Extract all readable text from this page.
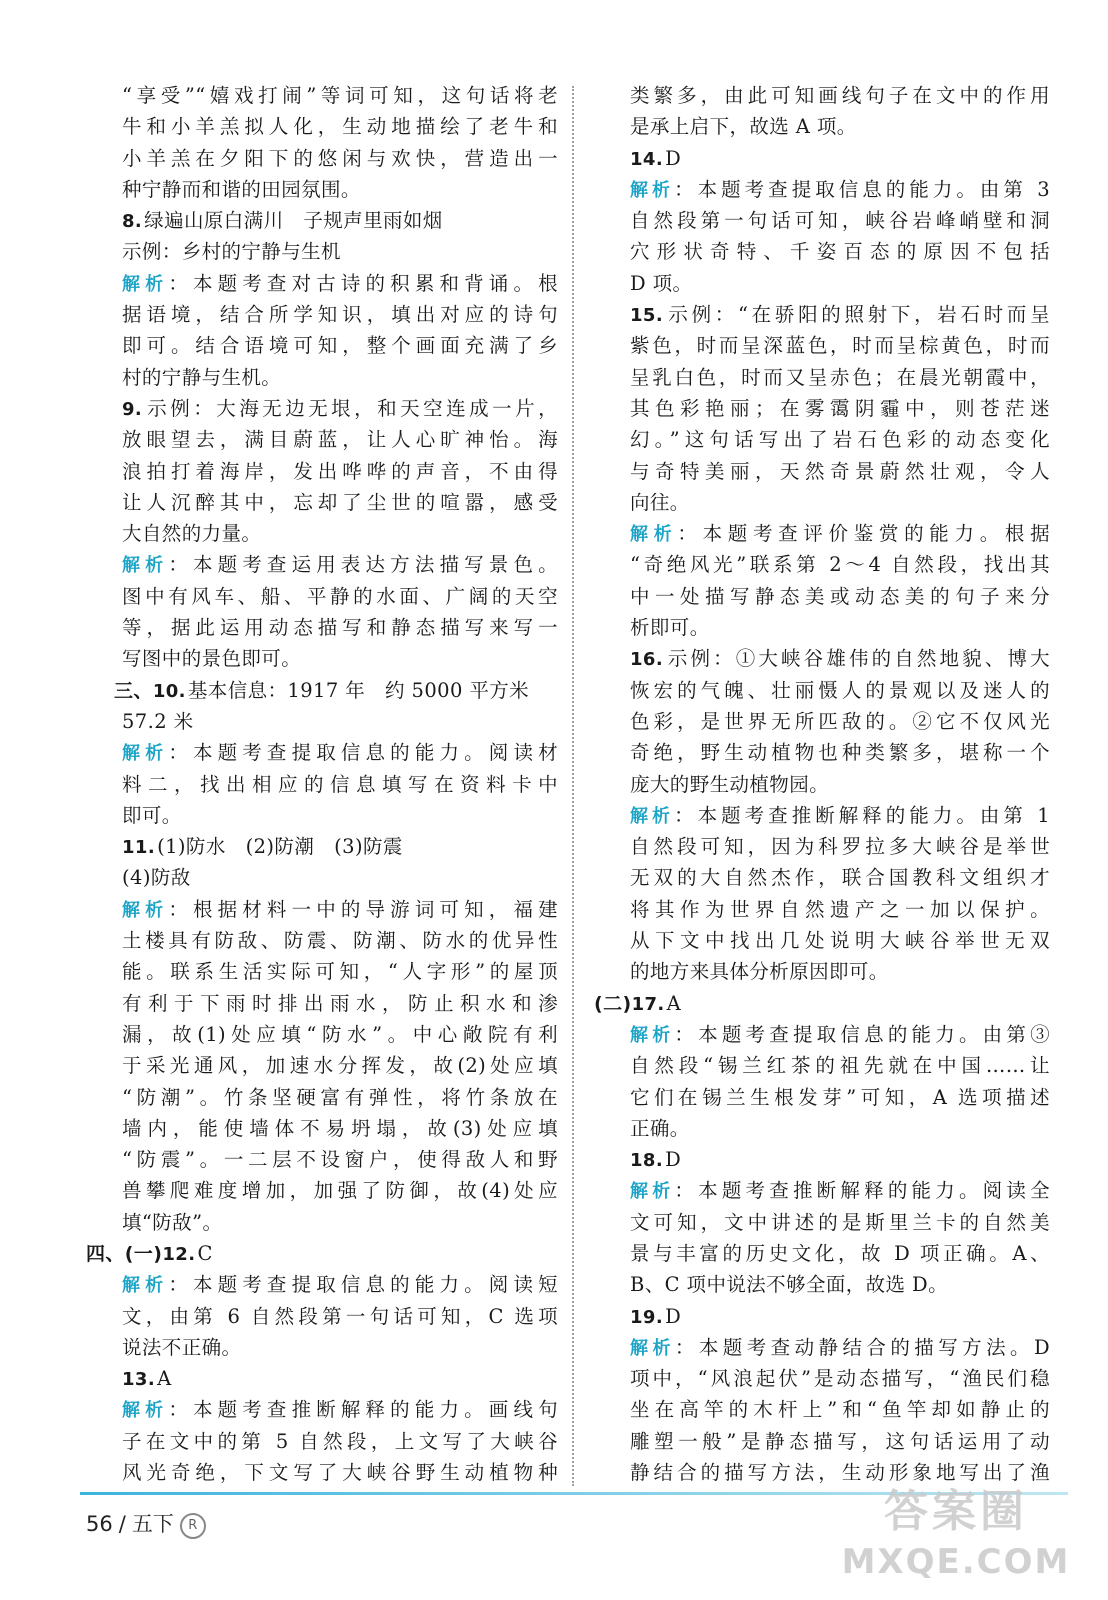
“享受”“嬉戏打闹”等词可知，这句话将老
牛和小羊羔拟人化，生动地描绘了老牛和
小羊羔在夕阳下的悠闲与欢快，营造出一
种宁静而和谐的田园氛围。
8. 绿遍山原白满川　子规声里雨如烟
示例：乡村的宁静与生机
解析：本题考查对古诗的积累和背诵。根
据语境，结合所学知识，填出对应的诗句
即可。结合语境可知，整个画面充满了乡
村的宁静与生机。
9. 示例：大海无边无垠，和天空连成一片，
放眼望去，满目蔚蓝，让人心旷神怡。海
浪拍打着海岸，发出哗哗的声音，不由得
让人沉醉其中，忘却了尘世的喧嚣，感受
大自然的力量。
解析：本题考查运用表达方法描写景色。
图中有风车、船、平静的水面、广阔的天空
等，据此运用动态描写和静态描写来写一
写图中的景色即可。
三、10. 基本信息：1917 年　约 5000 平方米
57.2 米
解析：本题考查提取信息的能力。阅读材
料二，找出相应的信息填写在资料卡中
即可。
11. (1)防水　(2)防潮　(3)防震
(4)防敌
解析：根据材料一中的导游词可知，福建
土楼具有防敌、防震、防潮、防水的优异性
能。联系生活实际可知，“人字形”的屋顶
有利于下雨时排出雨水，防止积水和渗
漏，故(1)处应填“防水”。中心敞院有利
于采光通风，加速水分挥发，故(2)处应填
“防潮”。竹条坚硬富有弹性，将竹条放在
墙内，能使墙体不易坍塌，故(3)处应填
“防震”。一二层不设窗户，使得敌人和野
兽攀爬难度增加，加强了防御，故(4)处应
填“防敌”。
四、(一)12. C
解析：本题考查提取信息的能力。阅读短
文，由第 6 自然段第一句话可知，C 选项
说法不正确。
13. A
解析：本题考查推断解释的能力。画线句
子在文中的第 5 自然段，上文写了大峡谷
风光奇绝，下文写了大峡谷野生动植物种
类繁多，由此可知画线句子在文中的作用
是承上启下，故选 A 项。
14. D
解析：本题考查提取信息的能力。由第 3
自然段第一句话可知，峡谷岩峰峭壁和洞
穴形状奇特、千姿百态的原因不包括
D 项。
15. 示例：“在骄阳的照射下，岩石时而呈
紫色，时而呈深蓝色，时而呈棕黄色，时而
呈乳白色，时而又呈赤色；在晨光朝霞中，
其色彩艳丽；在雾霭阴霾中，则苍茫迷
幻。”这句话写出了岩石色彩的动态变化
与奇特美丽，天然奇景蔚然壮观，令人
向往。
解析：本题考查评价鉴赏的能力。根据
“奇绝风光”联系第 2～4 自然段，找出其
中一处描写静态美或动态美的句子来分
析即可。
16. 示例：①大峡谷雄伟的自然地貌、博大
恢宏的气魄、壮丽慑人的景观以及迷人的
色彩，是世界无所匹敌的。②它不仅风光
奇绝，野生动植物也种类繁多，堪称一个
庞大的野生动植物园。
解析：本题考查推断解释的能力。由第 1
自然段可知，因为科罗拉多大峡谷是举世
无双的大自然杰作，联合国教科文组织才
将其作为世界自然遗产之一加以保护。
从下文中找出几处说明大峡谷举世无双
的地方来具体分析原因即可。
(二)17. A
解析：本题考查提取信息的能力。由第③
自然段“锡兰红茶的祖先就在中国……让
它们在锡兰生根发芽”可知，A 选项描述
正确。
18. D
解析：本题考查推断解释的能力。阅读全
文可知，文中讲述的是斯里兰卡的自然美
景与丰富的历史文化，故 D 项正确。A、
B、C 项中说法不够全面，故选 D。
19. D
解析：本题考查动静结合的描写方法。D
项中，“风浪起伏”是动态描写，“渔民们稳
坐在高竿的木杆上”和“鱼竿却如静止的
雕塑一般”是静态描写，这句话运用了动
静结合的描写方法，生动形象地写出了渔
56 / 五下 R	答案圈
MXQE.COM
